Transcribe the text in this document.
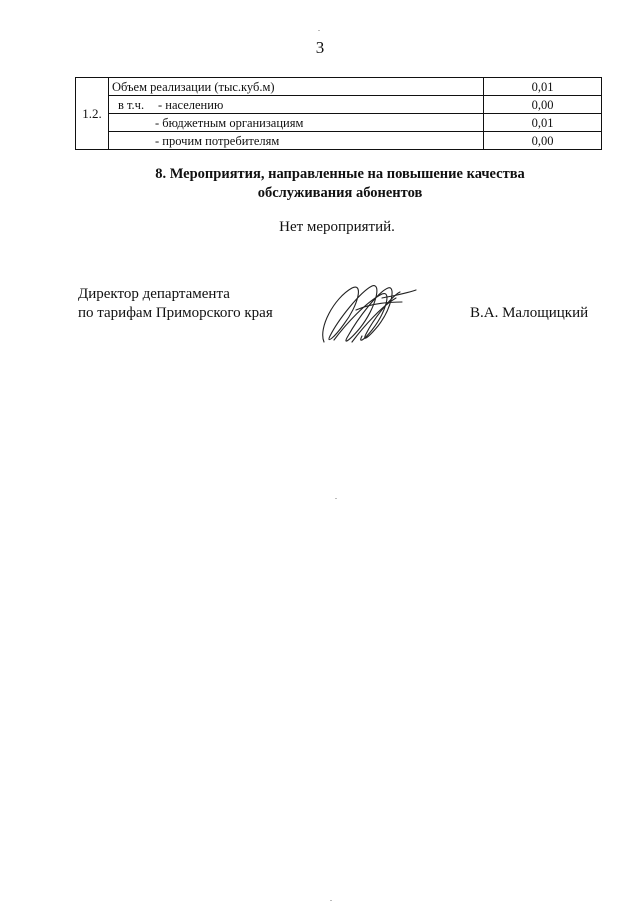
3
1.2.	Объем реализации (тыс.куб.м)	0,01
	в т.ч. - населению	0,00
	- бюджетным организациям	0,01
	- прочим потребителям	0,00
8. Мероприятия, направленные на повышение качества
обслуживания абонентов
Нет мероприятий.
Директор департамента
по тарифам Приморского края	В.А. Малощицкий
